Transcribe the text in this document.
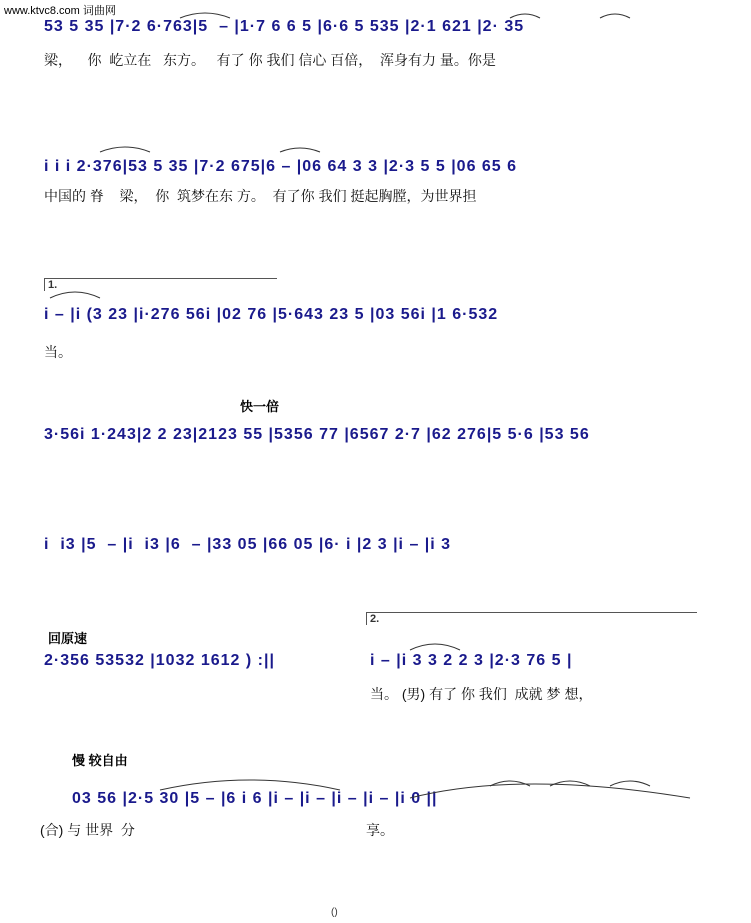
www.ktvc8.com 词曲网
53 5 35 |7·2 6·763|5  – |1·7 6 6 5 |6·6 5 535 |2·1 621 |2· 35
梁，    你  屹立在   东方。   有了 你 我们 信心 百倍，  浑身有力 量。你是
i i i 2·376|53 5 35 |7·2 675|6 – |06 64 3 3 |2·3 5 5 |06 65 6
中国的 脊    梁，  你  筑梦在东 方。  有了你 我们 挺起胸膛，为世界担
1.
i – |i (3 23 |i·276 56i |02 76 |5·643 23 5 |03 56i |1 6·532
当。
快一倍
3·56i 1·243|2 2 23|2123 55 |5356 77 |6567 2·7 |62 276|5 5·6 |53 56
i  i3 |5  – |i  i3 |6  – |33 05 |66 05 |6· i |2 3 |i – |i 3
回原速
2.
2·356 53532 |1032 1612 ) :||	i – |i 3 3 2 2 3 |2·3 76 5 |
当。 (男) 有了 你 我们  成就 梦 想，
慢 较自由
03 56 |2·5 30 |5 – |6 i 6 |i – |i – |i – |i – |i 0 ||
(合) 与 世界  分	享。
()
